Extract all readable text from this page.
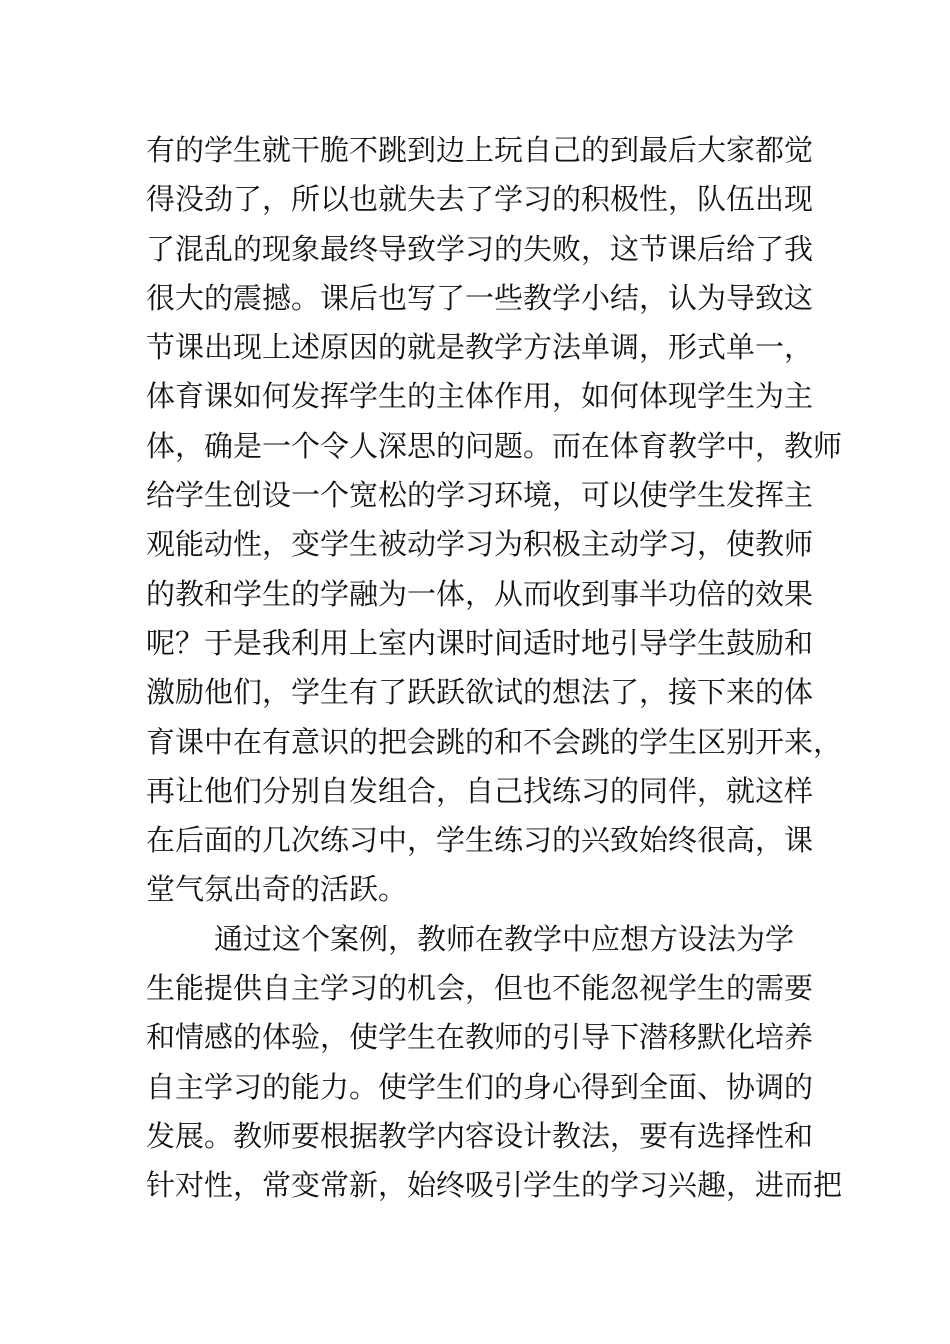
有的学生就干脆不跳到边上玩自己的到最后大家都觉
得没劲了，所以也就失去了学习的积极性，队伍出现
了混乱的现象最终导致学习的失败，这节课后给了我
很大的震撼。课后也写了一些教学小结，认为导致这
节课出现上述原因的就是教学方法单调，形式单一，
体育课如何发挥学生的主体作用，如何体现学生为主
体，确是一个令人深思的问题。而在体育教学中，教师
给学生创设一个宽松的学习环境，可以使学生发挥主
观能动性，变学生被动学习为积极主动学习，使教师
的教和学生的学融为一体，从而收到事半功倍的效果
呢？于是我利用上室内课时间适时地引导学生鼓励和
激励他们，学生有了跃跃欲试的想法了，接下来的体
育课中在有意识的把会跳的和不会跳的学生区别开来，
再让他们分别自发组合，自己找练习的同伴，就这样
在后面的几次练习中，学生练习的兴致始终很高，课
堂气氛出奇的活跃。
通过这个案例，教师在教学中应想方设法为学
生能提供自主学习的机会，但也不能忽视学生的需要
和情感的体验，使学生在教师的引导下潜移默化培养
自主学习的能力。使学生们的身心得到全面、协调的
发展。教师要根据教学内容设计教法，要有选择性和
针对性，常变常新，始终吸引学生的学习兴趣，进而把
